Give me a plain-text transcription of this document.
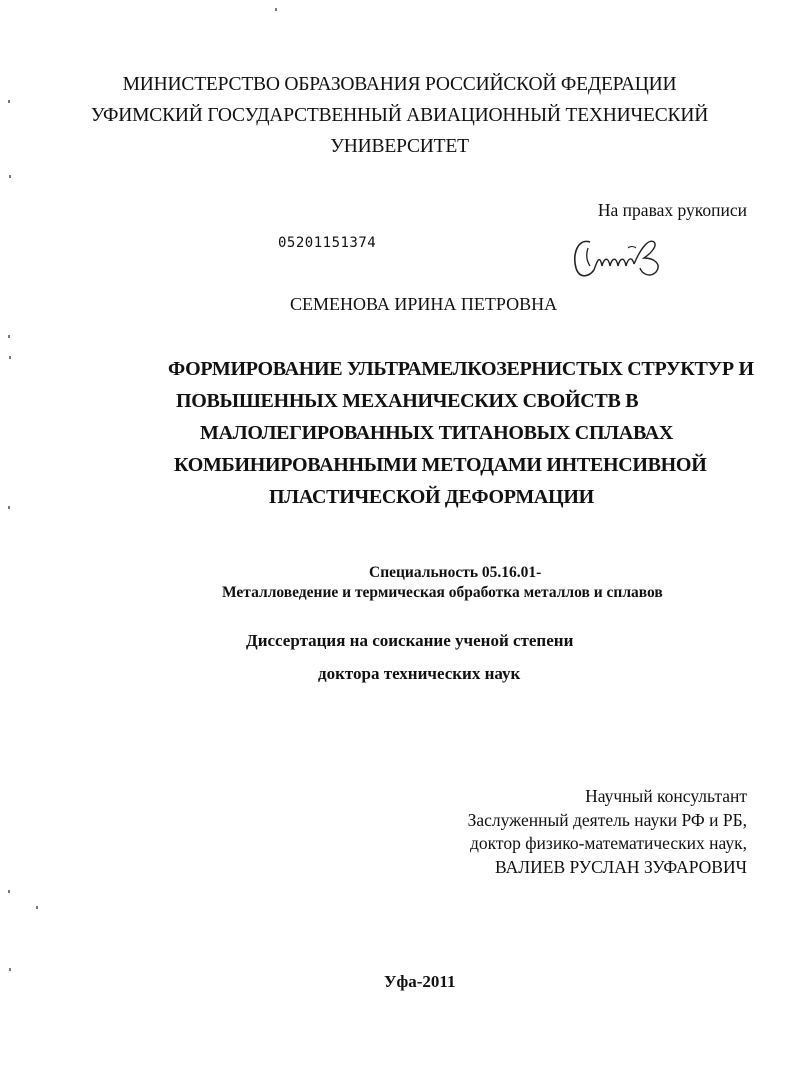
МИНИСТЕРСТВО ОБРАЗОВАНИЯ РОССИЙСКОЙ ФЕДЕРАЦИИ
УФИМСКИЙ ГОСУДАРСТВЕННЫЙ АВИАЦИОННЫЙ ТЕХНИЧЕСКИЙ
УНИВЕРСИТЕТ
На правах рукописи
05201151374
СЕМЕНОВА ИРИНА ПЕТРОВНА
ФОРМИРОВАНИЕ УЛЬТРАМЕЛКОЗЕРНИСТЫХ СТРУКТУР И
ПОВЫШЕННЫХ МЕХАНИЧЕСКИХ СВОЙСТВ В
МАЛОЛЕГИРОВАННЫХ ТИТАНОВЫХ СПЛАВАХ
КОМБИНИРОВАННЫМИ МЕТОДАМИ ИНТЕНСИВНОЙ
ПЛАСТИЧЕСКОЙ ДЕФОРМАЦИИ
Специальность 05.16.01-
Металловедение и термическая обработка металлов и сплавов
Диссертация на соискание ученой степени
доктора технических наук
Научный консультант
Заслуженный деятель науки РФ и РБ,
доктор физико-математических наук,
ВАЛИЕВ РУСЛАН ЗУФАРОВИЧ
Уфа-2011
